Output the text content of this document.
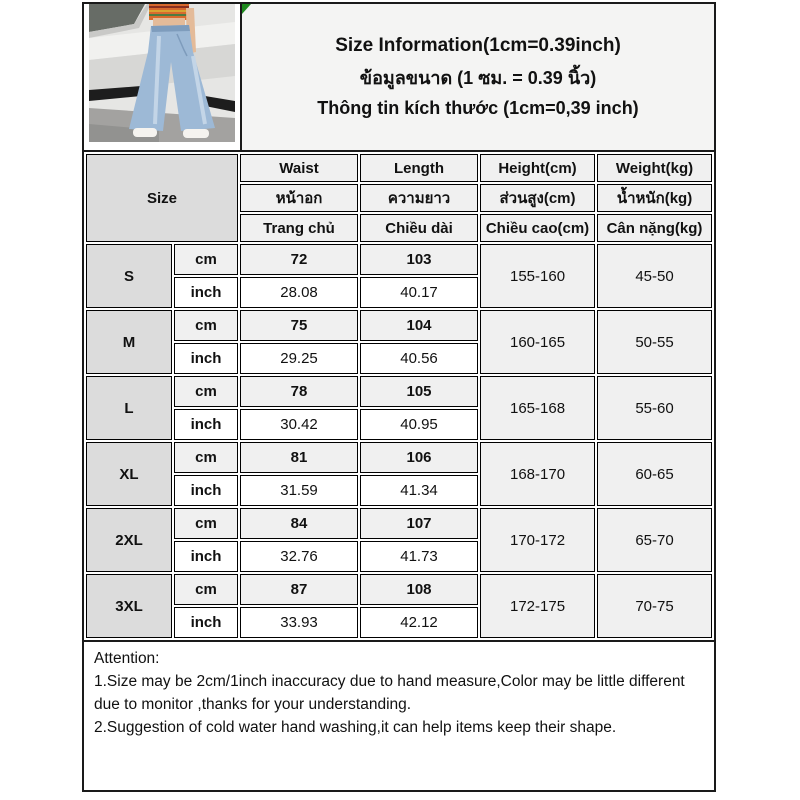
Size Information(1cm=0.39inch)
ข้อมูลขนาด (1 ซม. = 0.39 นิ้ว)
Thông tin kích thước (1cm=0,39 inch)
Size		Waist	Length	Height(cm)	Weight(kg)
		หน้าอก	ความยาว	ส่วนสูง(cm)	น้ำหนัก(kg)
		Trang chủ	Chiều dài	Chiều cao(cm)	Cân nặng(kg)
S	cm	72	103	155-160	45-50
	inch	28.08	40.17		
M	cm	75	104	160-165	50-55
	inch	29.25	40.56		
L	cm	78	105	165-168	55-60
	inch	30.42	40.95		
XL	cm	81	106	168-170	60-65
	inch	31.59	41.34		
2XL	cm	84	107	170-172	65-70
	inch	32.76	41.73		
3XL	cm	87	108	172-175	70-75
	inch	33.93	42.12		
Attention:
1.Size may be 2cm/1inch inaccuracy due to hand measure,Color may be little different due to monitor ,thanks for your understanding.
2.Suggestion of cold water hand washing,it can help items keep their shape.
